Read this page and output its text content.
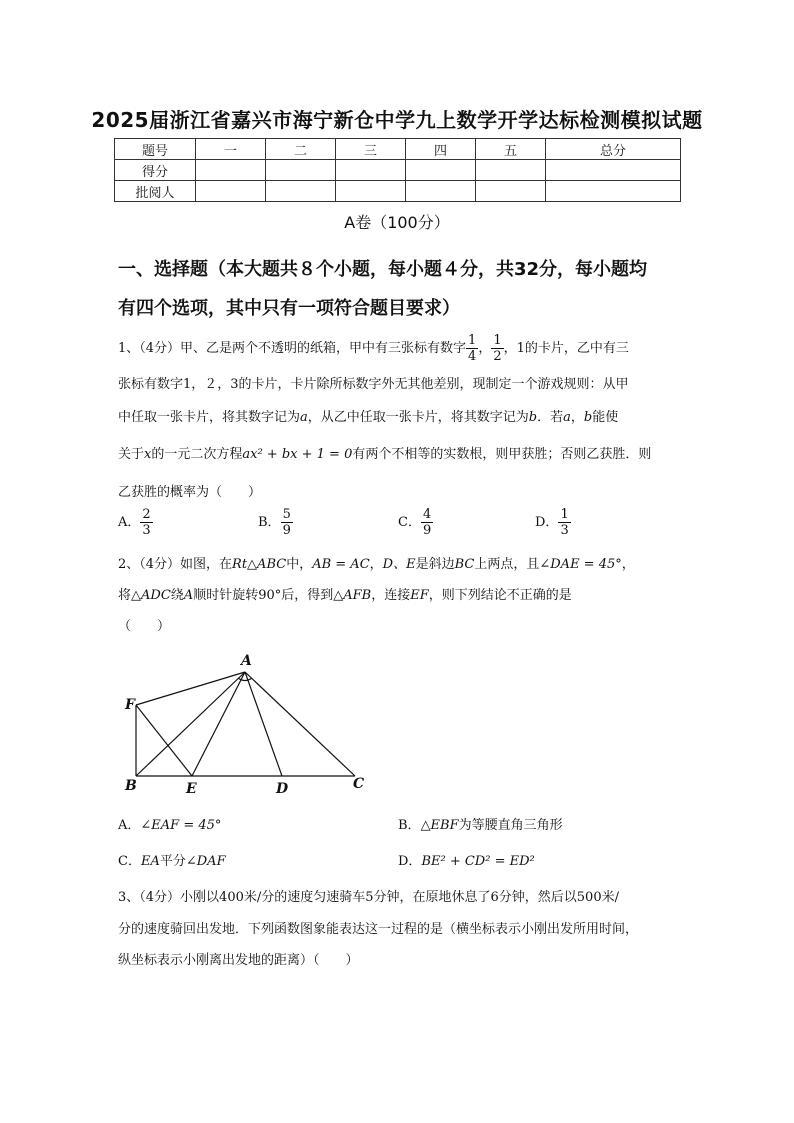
2025届浙江省嘉兴市海宁新仓中学九上数学开学达标检测模拟试题
题号	一	二	三	四	五	总分
得分						
批阅人						
A卷（100分）
一、选择题（本大题共８个小题，每小题４分，共32分，每小题均
有四个选项，其中只有一项符合题目要求）
1、（4分）甲、乙是两个不透明的纸箱，甲中有三张标有数字 $\frac{1}{4}$ ， $\frac{1}{2}$ ，1的卡片，乙中有三
张标有数字1，２，3的卡片，卡片除所标数字外无其他差别，现制定一个游戏规则：从甲
中任取一张卡片，将其数字记为a，从乙中任取一张卡片，将其数字记为b．若a，b能使
关于x的一元二次方程ax² + bx + 1 = 0有两个不相等的实数根，则甲获胜；否则乙获胜．则
乙获胜的概率为（　　）
A． $\frac{2}{3}$	B． $\frac{5}{9}$	C． $\frac{4}{9}$	D． $\frac{1}{3}$
2、（4分）如图，在Rt△ABC中，AB = AC，D、E是斜边BC上两点，且∠DAE = 45°，
将△ADC绕A顺时针旋转90°后，得到△AFB，连接EF，则下列结论不正确的是
（　　）
A
F
B	E	D	C
A．∠EAF = 45°	B．△EBF为等腰直角三角形
C．EA平分∠DAF	D．BE² + CD² = ED²
3、（4分）小刚以400米/分的速度匀速骑车5分钟，在原地休息了6分钟，然后以500米/
分的速度骑回出发地．下列函数图象能表达这一过程的是（横坐标表示小刚出发所用时间，
纵坐标表示小刚离出发地的距离）（　　）
